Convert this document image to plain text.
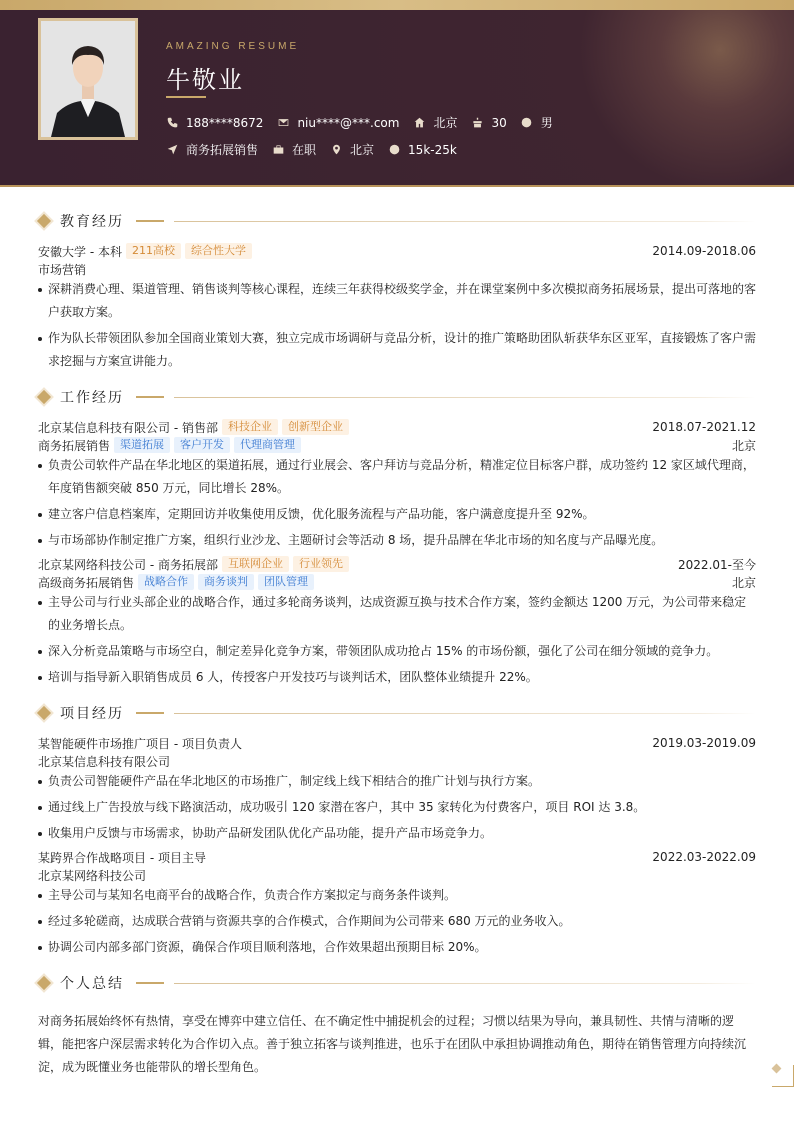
AMAZING RESUME
牛敬业
188****8672	niu****@***.com	北京	30	男
商务拓展销售	在职	北京	15k-25k
教育经历
安徽大学 - 本科 211高校	综合性大学	2014.09-2018.06
市场营销
深耕消费心理、渠道管理、销售谈判等核心课程，连续三年获得校级奖学金，并在课堂案例中多次模拟商务拓展场景，提出可落地的客户获取方案。
作为队长带领团队参加全国商业策划大赛，独立完成市场调研与竞品分析，设计的推广策略助团队斩获华东区亚军，直接锻炼了客户需求挖掘与方案宣讲能力。
工作经历
北京某信息科技有限公司 - 销售部 科技企业	创新型企业	2018.07-2021.12
商务拓展销售 渠道拓展	客户开发	代理商管理	北京
负责公司软件产品在华北地区的渠道拓展，通过行业展会、客户拜访与竞品分析，精准定位目标客户群，成功签约 12 家区域代理商，年度销售额突破 850 万元，同比增长 28%。
建立客户信息档案库，定期回访并收集使用反馈，优化服务流程与产品功能，客户满意度提升至 92%。
与市场部协作制定推广方案，组织行业沙龙、主题研讨会等活动 8 场，提升品牌在华北市场的知名度与产品曝光度。
北京某网络科技公司 - 商务拓展部 互联网企业	行业领先	2022.01-至今
高级商务拓展销售 战略合作	商务谈判	团队管理	北京
主导公司与行业头部企业的战略合作，通过多轮商务谈判，达成资源互换与技术合作方案，签约金额达 1200 万元，为公司带来稳定的业务增长点。
深入分析竞品策略与市场空白，制定差异化竞争方案，带领团队成功抢占 15% 的市场份额，强化了公司在细分领域的竞争力。
培训与指导新入职销售成员 6 人，传授客户开发技巧与谈判话术，团队整体业绩提升 22%。
项目经历
某智能硬件市场推广项目 - 项目负责人	2019.03-2019.09
北京某信息科技有限公司
负责公司智能硬件产品在华北地区的市场推广，制定线上线下相结合的推广计划与执行方案。
通过线上广告投放与线下路演活动，成功吸引 120 家潜在客户，其中 35 家转化为付费客户，项目 ROI 达 3.8。
收集用户反馈与市场需求，协助产品研发团队优化产品功能，提升产品市场竞争力。
某跨界合作战略项目 - 项目主导	2022.03-2022.09
北京某网络科技公司
主导公司与某知名电商平台的战略合作，负责合作方案拟定与商务条件谈判。
经过多轮磋商，达成联合营销与资源共享的合作模式，合作期间为公司带来 680 万元的业务收入。
协调公司内部多部门资源，确保合作项目顺利落地，合作效果超出预期目标 20%。
个人总结

对商务拓展始终怀有热情，享受在博弈中建立信任、在不确定性中捕捉机会的过程；习惯以结果为导向，兼具韧性、共情与清晰的逻辑，能把客户深层需求转化为合作切入点。善于独立拓客与谈判推进，也乐于在团队中承担协调推动角色，期待在销售管理方向持续沉淀，成为既懂业务也能带队的增长型角色。
